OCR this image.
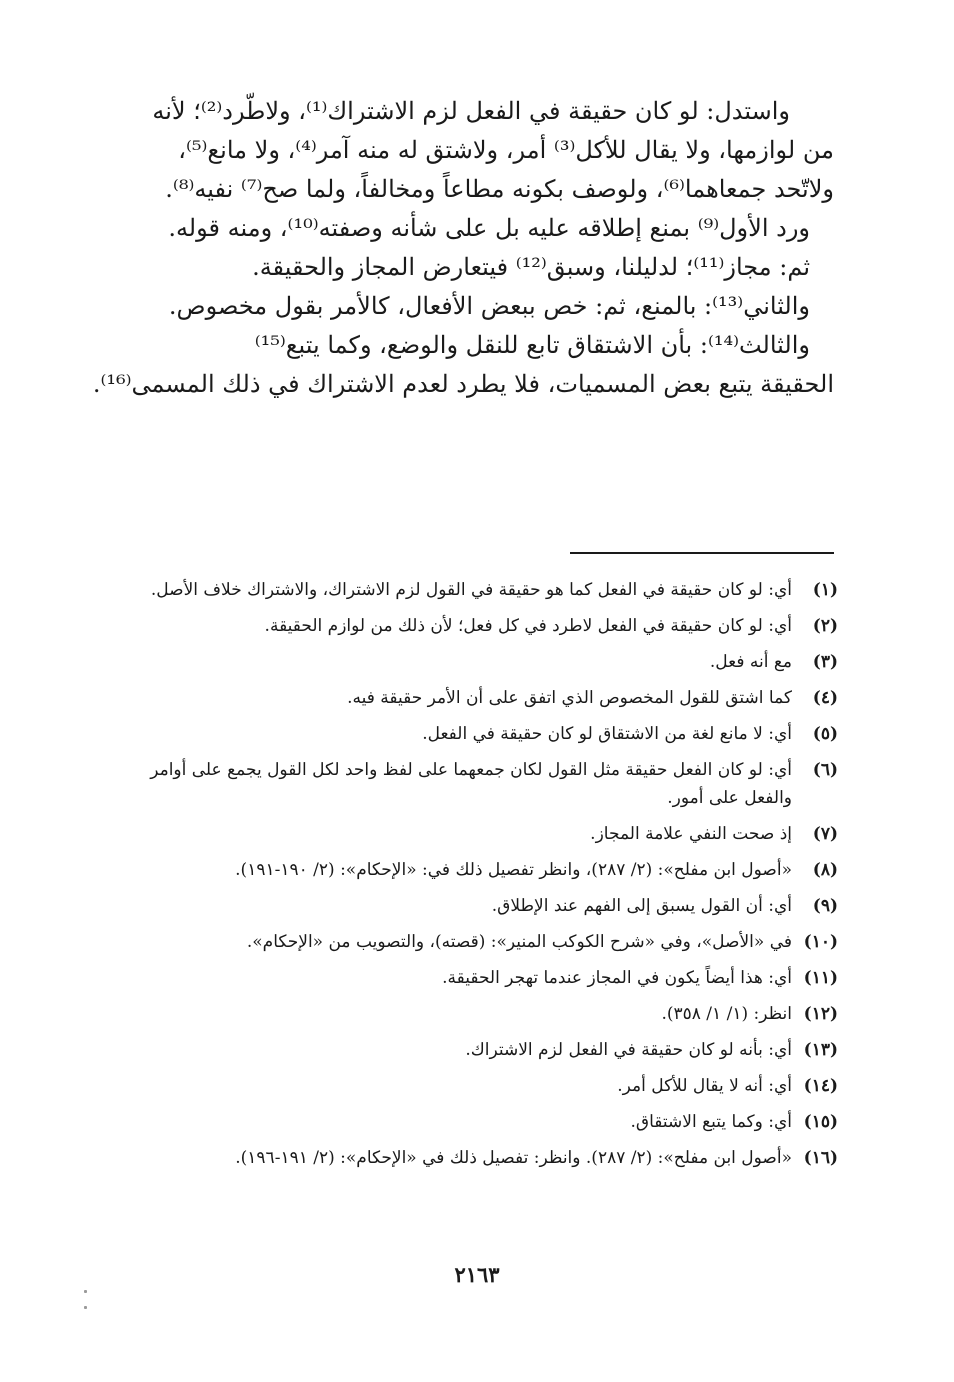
واستدل: لو كان حقيقة في الفعل لزم الاشتراك⁽¹⁾، ولاطّرد⁽²⁾؛ لأنه
من لوازمها، ولا يقال للأكل⁽³⁾ أمر، ولاشتق له منه آمر⁽⁴⁾، ولا مانع⁽⁵⁾،
ولاتّحد جمعاهما⁽⁶⁾، ولوصف بكونه مطاعاً ومخالفاً، ولما صح⁽⁷⁾ نفيه⁽⁸⁾.
ورد الأول⁽⁹⁾ بمنع إطلاقه عليه بل على شأنه وصفته⁽¹⁰⁾، ومنه قوله.
ثم: مجاز⁽¹¹⁾؛ لدليلنا، وسبق⁽¹²⁾ فيتعارض المجاز والحقيقة.
والثاني⁽¹³⁾: بالمنع، ثم: خص ببعض الأفعال، كالأمر بقول مخصوص.
والثالث⁽¹⁴⁾: بأن الاشتقاق تابع للنقل والوضع، وكما يتبع⁽¹⁵⁾
الحقيقة يتبع بعض المسميات، فلا يطرد لعدم الاشتراك في ذلك المسمى⁽¹⁶⁾.
(١)
أي: لو كان حقيقة في الفعل كما هو حقيقة في القول لزم الاشتراك، والاشتراك خلاف الأصل.
(٢)
أي: لو كان حقيقة في الفعل لاطرد في كل فعل؛ لأن ذلك من لوازم الحقيقة.
(٣)
مع أنه فعل.
(٤)
كما اشتق للقول المخصوص الذي اتفق على أن الأمر حقيقة فيه.
(٥)
أي: لا مانع لغة من الاشتقاق لو كان حقيقة في الفعل.
(٦)
أي: لو كان الفعل حقيقة مثل القول لكان جمعهما على لفظ واحد لكل القول يجمع على أوامر والفعل على أمور.
(٧)
إذ صحت النفي علامة المجاز.
(٨)
«أصول ابن مفلح»: (٢/ ٢٨٧)، وانظر تفصيل ذلك في: «الإحكام»: (٢/ ١٩٠-١٩١).
(٩)
أي: أن القول يسبق إلى الفهم عند الإطلاق.
(١٠)
في «الأصل»، وفي «شرح الكوكب المنير»: (قصته)، والتصويب من «الإحكام».
(١١)
أي: هذا أيضاً يكون في المجاز عندما تهجر الحقيقة.
(١٢)
انظر: (١/ ١/ ٣٥٨).
(١٣)
أي: بأنه لو كان حقيقة في الفعل لزم الاشتراك.
(١٤)
أي: أنه لا يقال للأكل أمر.
(١٥)
أي: وكما يتبع الاشتقاق.
(١٦)
«أصول ابن مفلح»: (٢/ ٢٨٧). وانظر: تفصيل ذلك في «الإحكام»: (٢/ ١٩١-١٩٦).
٢١٦٣
